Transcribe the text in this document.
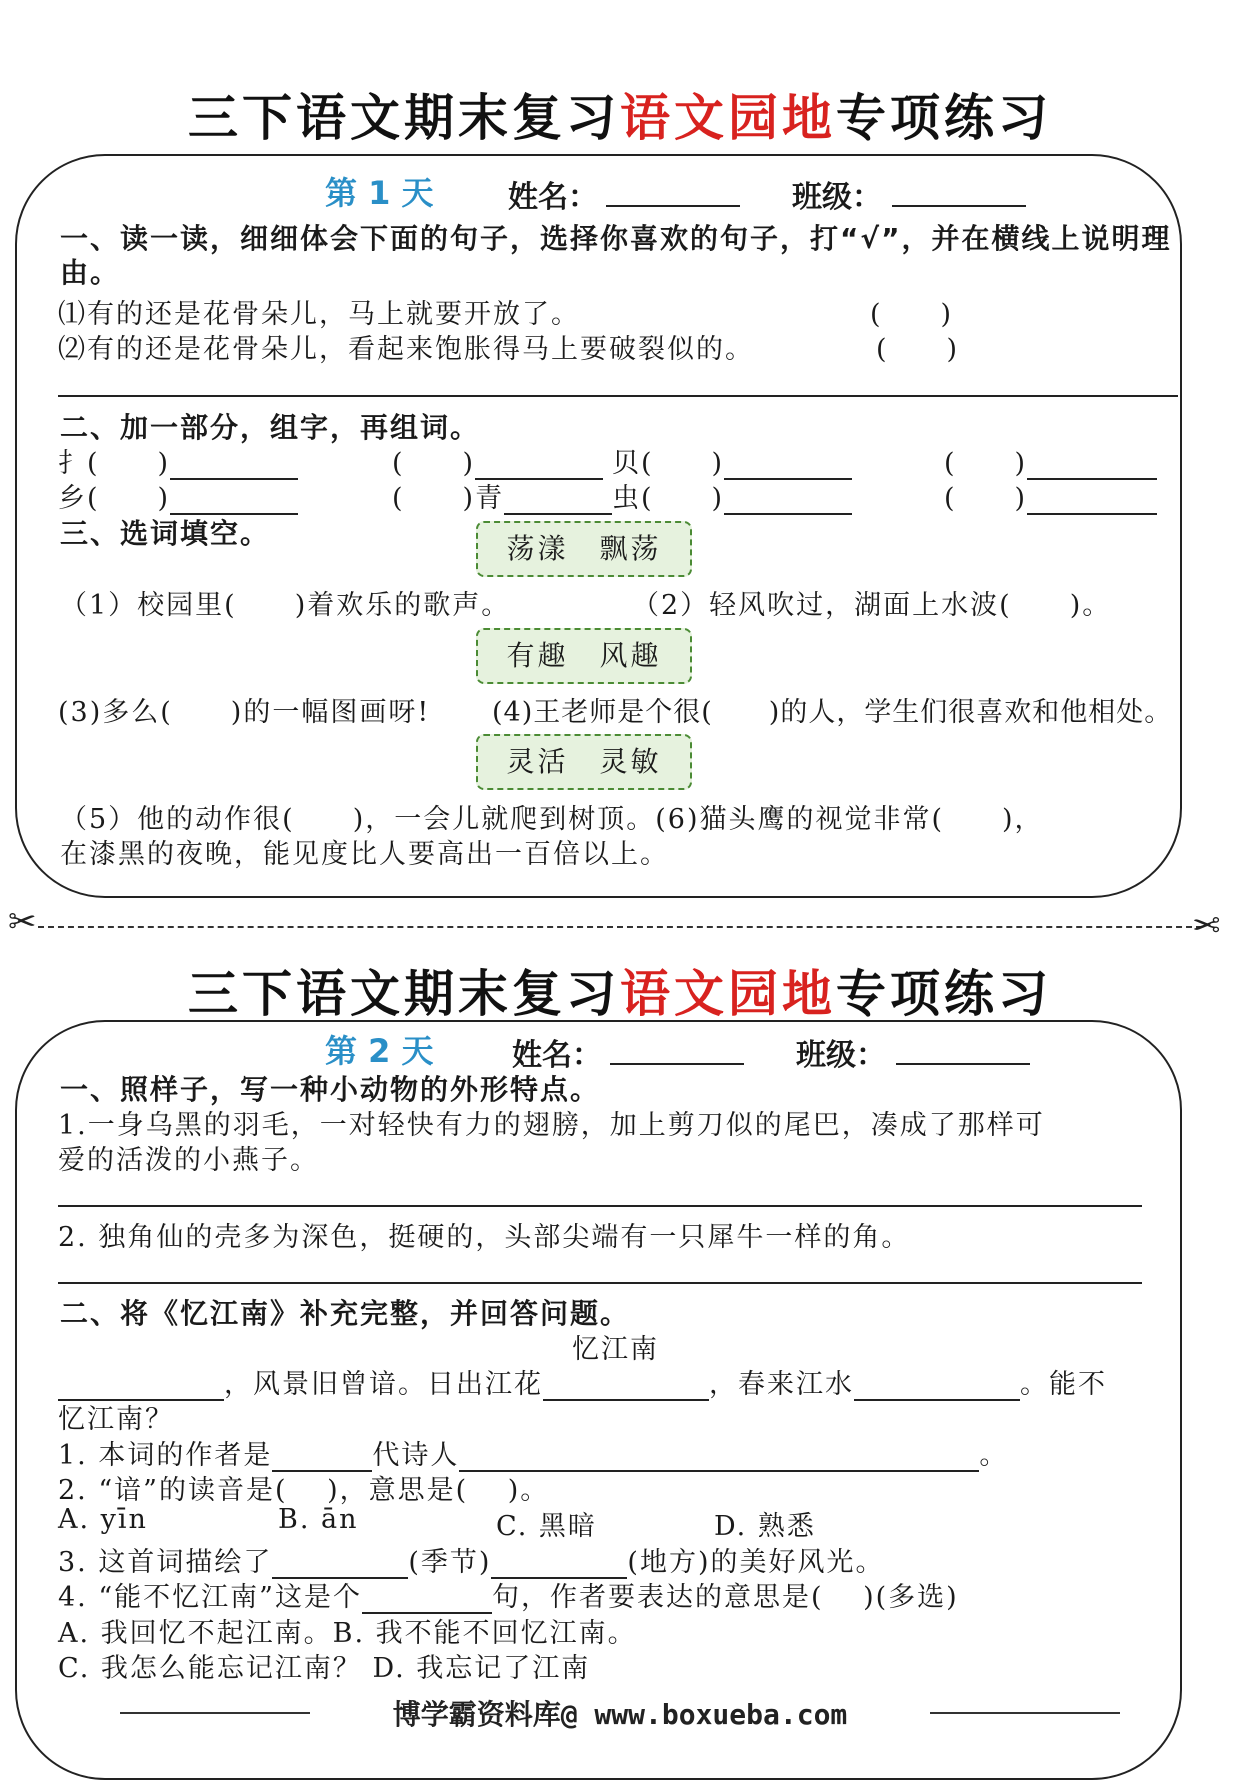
三下语文期末复习语文园地专项练习
第 1 天 姓名：	班级：
一、读一读，细细体会下面的句子，选择你喜欢的句子，打“√”，并在横线上说明理由。
⑴有的还是花骨朵儿，马上就要开放了。	(　　)
⑵有的还是花骨朵儿，看起来饱胀得马上要破裂似的。	(　　)
二、加一部分，组字，再组词。
扌(　　)	(　　)	贝(　　)	(　　)
乡(　　)	(　　)青	虫(　　)	(　　)
三、选词填空。	荡漾　飘荡
（1）校园里(　　)着欢乐的歌声。	（2）轻风吹过，湖面上水波(　　)。
有趣　风趣
(3)多么(　　)的一幅图画呀! (4)王老师是个很(　　)的人，学生们很喜欢和他相处。
灵活　灵敏
（5）他的动作很(　　)，一会儿就爬到树顶。(6)猫头鹰的视觉非常(　　)，
在漆黑的夜晚，能见度比人要高出一百倍以上。
✂	✂
三下语文期末复习语文园地专项练习
第 2 天	姓名：	班级：
一、照样子，写一种小动物的外形特点。
1.一身乌黑的羽毛，一对轻快有力的翅膀，加上剪刀似的尾巴，凑成了那样可
爱的活泼的小燕子。
2. 独角仙的壳多为深色，挺硬的，头部尖端有一只犀牛一样的角。
二、将《忆江南》补充完整，并回答问题。
忆江南
，风景旧曾谙。日出江花	，春来江水	。能不
忆江南？
1. 本词的作者是	代诗人	。
2. “谙”的读音是(　 )，意思是(　 )。
A. yīn	B. ān	C. 黑暗	D. 熟悉
3. 这首词描绘了	(季节)	(地方)的美好风光。
4. “能不忆江南”这是个	句，作者要表达的意思是(　 )(多选)
A. 我回忆不起江南。B. 我不能不回忆江南。
C. 我怎么能忘记江南？ D. 我忘记了江南
博学霸资料库@ www.boxueba.com
